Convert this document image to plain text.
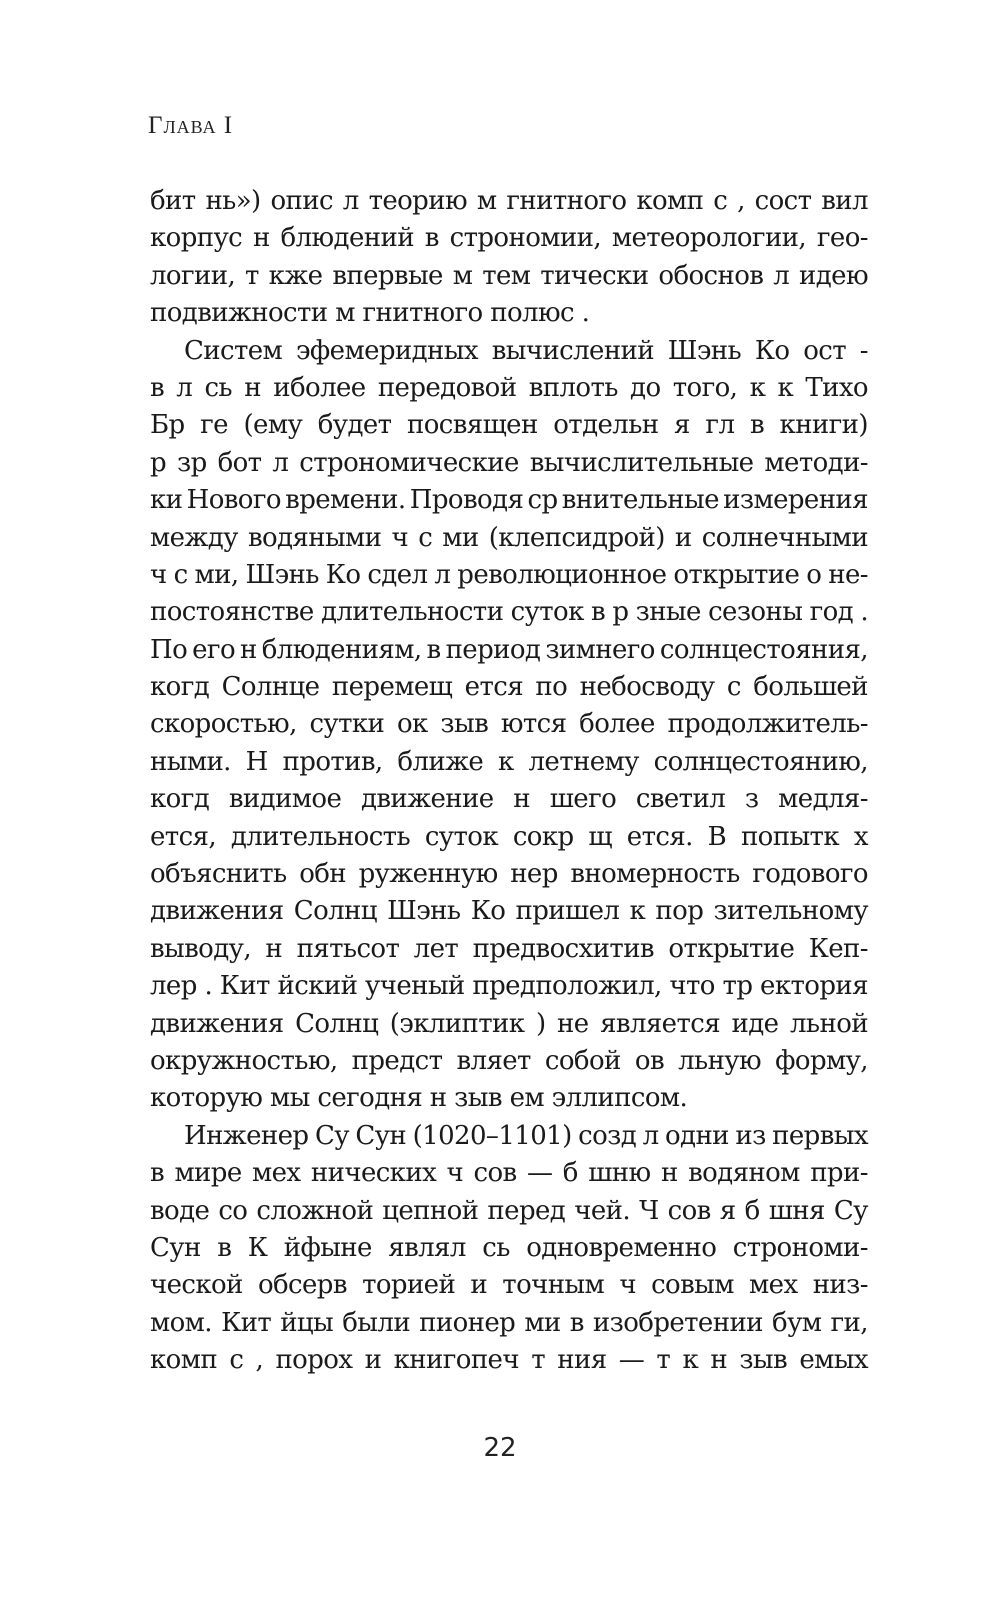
Глава I
бит нь») опис л теорию м гнитного комп с , сост вил
корпус н блюдений в строномии, метеорологии, гео-
логии, т кже впервые м тем тически обоснов л идею
подвижности м гнитного полюс .
Систем эфемеридных вычислений Шэнь Ко ост -
в л сь н иболее передовой вплоть до того, к к Тихо
Бр ге (ему будет посвящен отдельн я гл в книги)
р зр бот л строномические вычислительные методи-
ки Нового времени. Проводя ср внительные измерения
между водяными ч с ми (клепсидрой) и солнечными
ч с ми, Шэнь Ко сдел л революционное открытие о не-
постоянстве длительности суток в р зные сезоны год .
По его н блюдениям, в период зимнего солнцестояния,
когд Солнце перемещ ется по небосводу с большей
скоростью, сутки ок зыв ются более продолжитель-
ными. Н против, ближе к летнему солнцестоянию,
когд видимое движение н шего светил з медля-
ется, длительность суток сокр щ ется. В попытк х
объяснить обн руженную нер вномерность годового
движения Солнц Шэнь Ко пришел к пор зительному
выводу, н пятьсот лет предвосхитив открытие Кеп-
лер . Кит йский ученый предположил, что тр ектория
движения Солнц (эклиптик ) не является иде льной
окружностью, предст вляет собой ов льную форму,
которую мы сегодня н зыв ем эллипсом.
Инженер Су Сун (1020–1101) созд л одни из первых
в мире мех нических ч сов — б шню н водяном при-
воде со сложной цепной перед чей. Ч сов я б шня Су
Сун в К йфыне являл сь одновременно строноми-
ческой обсерв торией и точным ч совым мех низ-
мом. Кит йцы были пионер ми в изобретении бум ги,
комп с , порох и книгопеч т ния — т к н зыв емых
22
